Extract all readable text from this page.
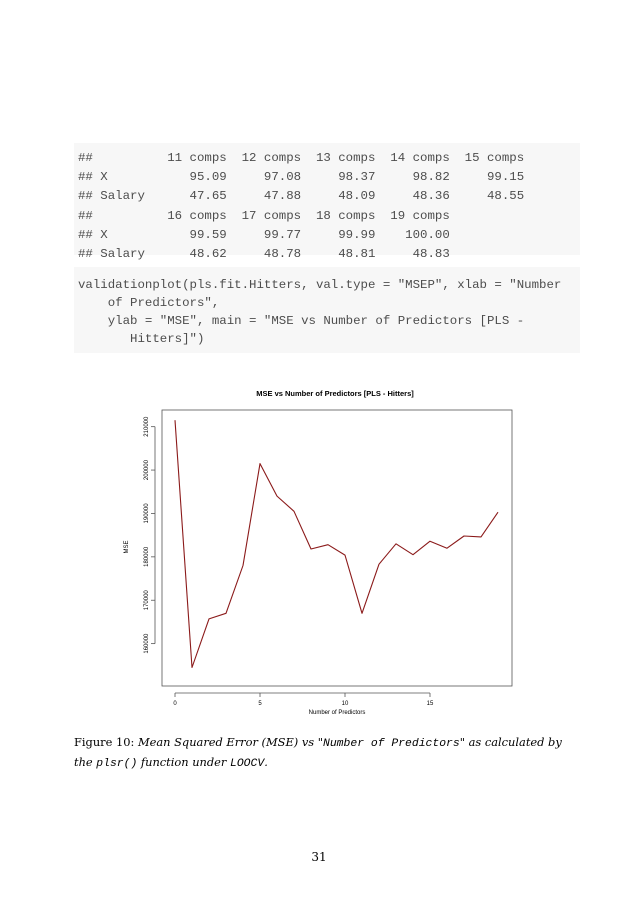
##          11 comps  12 comps  13 comps  14 comps  15 comps
## X           95.09     97.08     98.37     98.82     99.15
## Salary      47.65     47.88     48.09     48.36     48.55
##          16 comps  17 comps  18 comps  19 comps
## X           99.59     99.77     99.99    100.00
## Salary      48.62     48.78     48.81     48.83
validationplot(pls.fit.Hitters, val.type = "MSEP", xlab = "Number
of Predictors",
ylab = "MSE", main = "MSE vs Number of Predictors [PLS -
Hitters]")
MSE vs Number of Predictors [PLS - Hitters]
Number of Predictors
MSE
0	5	10	15
160000
170000
180000
190000
200000
210000
Figure 10: Mean Squared Error (MSE) vs "Number of Predictors" as calculated by the plsr() function under LOOCV.
31
